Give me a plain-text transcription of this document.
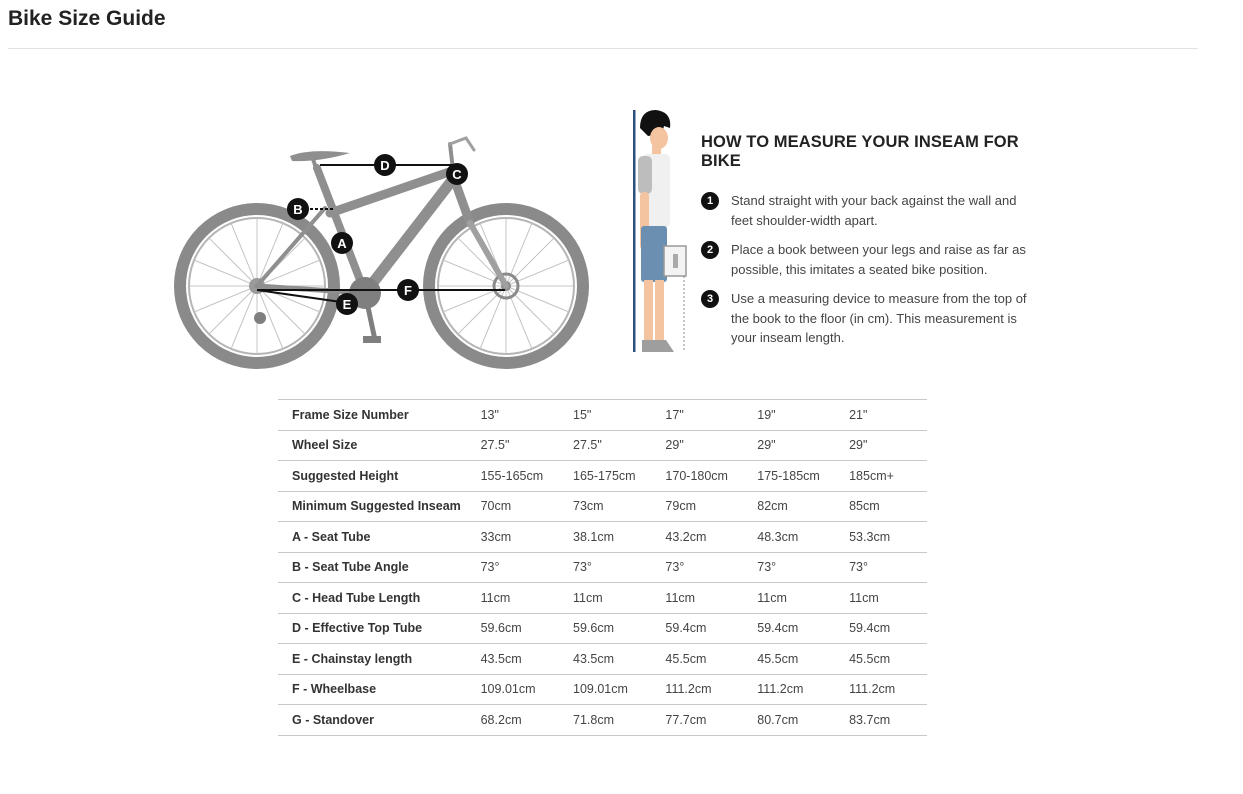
Bike Size Guide
A
B
C
D
E
F
HOW TO MEASURE YOUR INSEAM FOR BIKE
1	Stand straight with your back against the wall and feet shoulder-width apart.
2	Place a book between your legs and raise as far as possible, this imitates a seated bike position.
3	Use a measuring device to measure from the top of the book to the floor (in cm). This measurement is your inseam length.
Frame Size Number	13"	15"	17"	19"	21"
Wheel Size	27.5"	27.5"	29"	29"	29"
Suggested Height	155-165cm	165-175cm	170-180cm	175-185cm	185cm+
Minimum Suggested Inseam	70cm	73cm	79cm	82cm	85cm
A - Seat Tube	33cm	38.1cm	43.2cm	48.3cm	53.3cm
B - Seat Tube Angle	73°	73°	73°	73°	73°
C - Head Tube Length	11cm	11cm	11cm	11cm	11cm
D - Effective Top Tube	59.6cm	59.6cm	59.4cm	59.4cm	59.4cm
E - Chainstay length	43.5cm	43.5cm	45.5cm	45.5cm	45.5cm
F - Wheelbase	109.01cm	109.01cm	111.2cm	111.2cm	111.2cm
G - Standover	68.2cm	71.8cm	77.7cm	80.7cm	83.7cm
